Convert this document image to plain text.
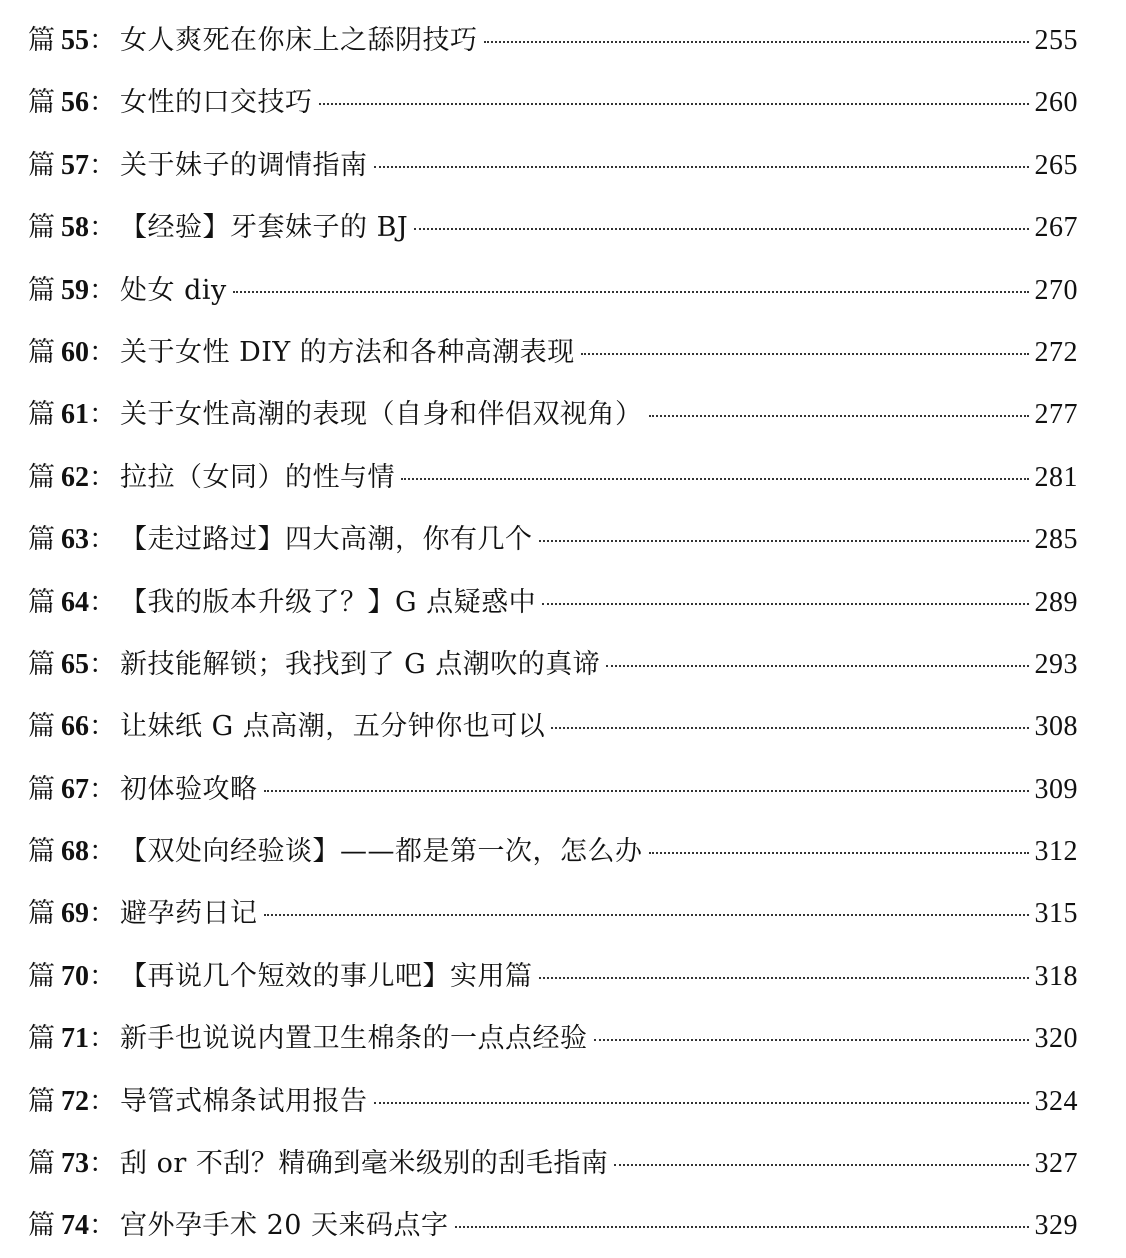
篇 55 ： 女人爽死在你床上之舔阴技巧	255
篇 56 ： 女性的口交技巧	260
篇 57 ： 关于妹子的调情指南	265
篇 58 ： 【经验】牙套妹子的 BJ	267
篇 59 ： 处女 diy	270
篇 60 ： 关于女性 DIY 的方法和各种高潮表现	272
篇 61 ： 关于女性高潮的表现（自身和伴侣双视角）	277
篇 62 ： 拉拉（女同）的性与情	281
篇 63 ： 【走过路过】四大高潮，你有几个	285
篇 64 ： 【我的版本升级了？】G 点疑惑中	289
篇 65 ： 新技能解锁；我找到了 G 点潮吹的真谛	293
篇 66 ： 让妹纸 G 点高潮，五分钟你也可以	308
篇 67 ： 初体验攻略	309
篇 68 ： 【双处向经验谈】——都是第一次，怎么办	312
篇 69 ： 避孕药日记	315
篇 70 ： 【再说几个短效的事儿吧】实用篇	318
篇 71 ： 新手也说说内置卫生棉条的一点点经验	320
篇 72 ： 导管式棉条试用报告	324
篇 73 ： 刮 or 不刮？精确到毫米级别的刮毛指南	327
篇 74 ： 宫外孕手术 20 天来码点字	329
